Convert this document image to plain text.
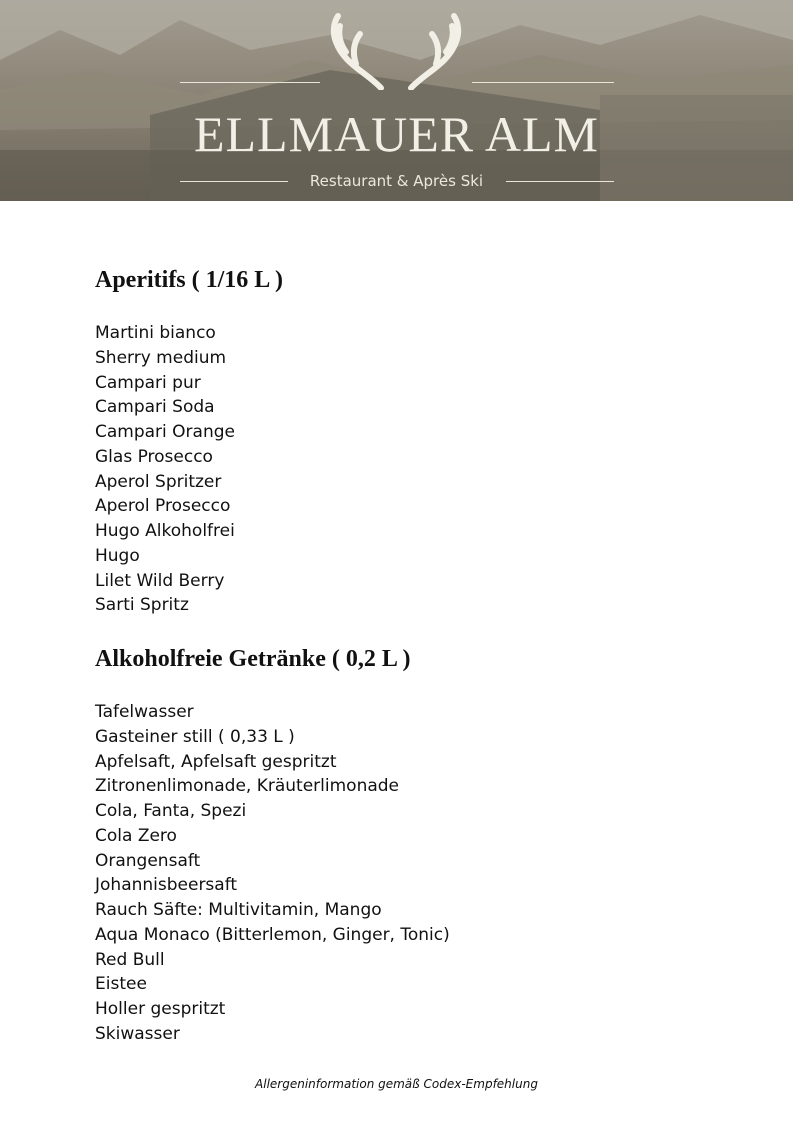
ELLMAUER ALM
Restaurant & Après Ski
Aperitifs ( 1/16 L )
Martini bianco
Sherry medium
Campari pur
Campari Soda
Campari Orange
Glas Prosecco
Aperol Spritzer
Aperol Prosecco
Hugo Alkoholfrei
Hugo
Lilet Wild Berry
Sarti Spritz
Alkoholfreie Getränke ( 0,2 L )
Tafelwasser
Gasteiner still ( 0,33 L )
Apfelsaft, Apfelsaft gespritzt
Zitronenlimonade, Kräuterlimonade
Cola, Fanta, Spezi
Cola Zero
Orangensaft
Johannisbeersaft
Rauch Säfte: Multivitamin, Mango
Aqua Monaco (Bitterlemon, Ginger, Tonic)
Red Bull
Eistee
Holler gespritzt
Skiwasser
Allergeninformation gemäß Codex-Empfehlung
